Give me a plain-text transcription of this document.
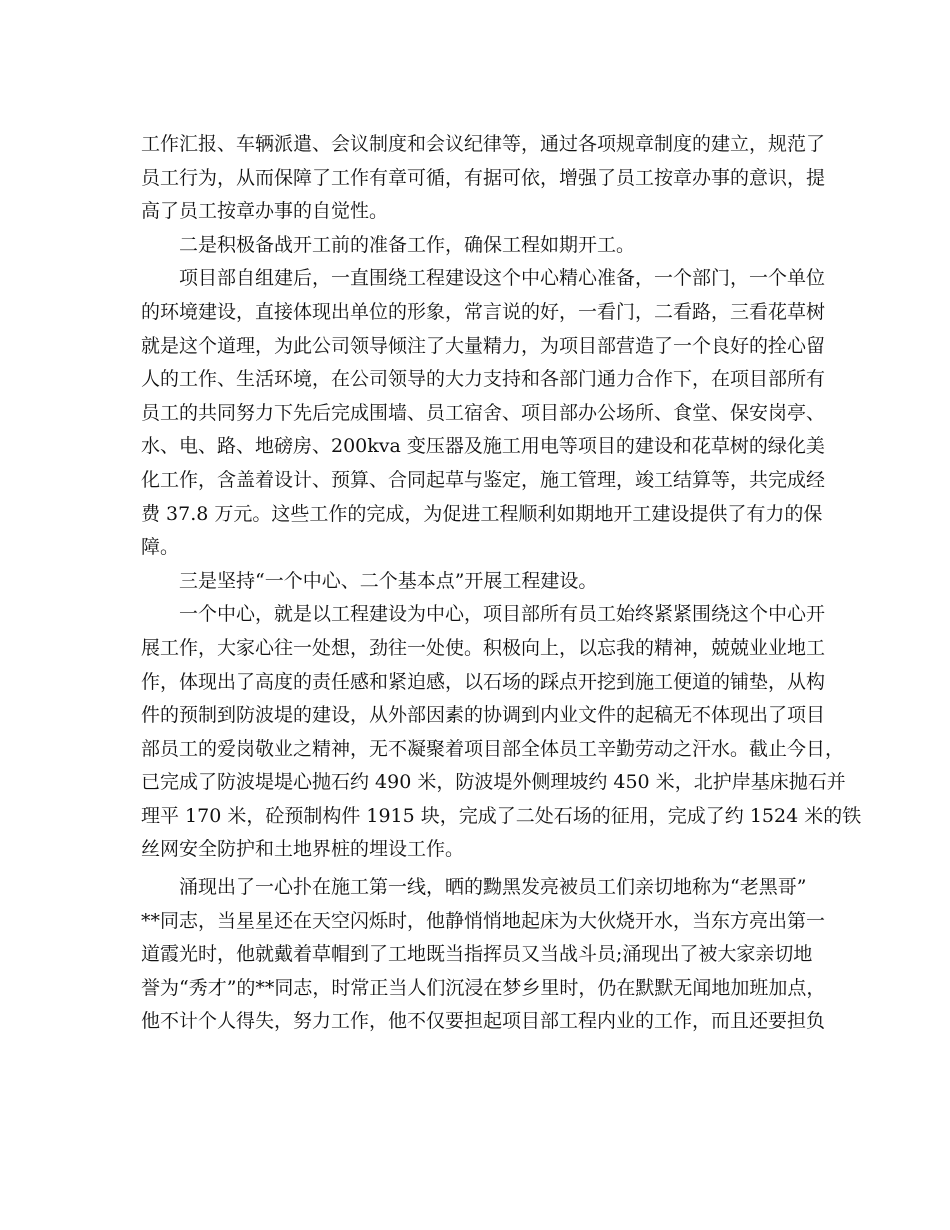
工作汇报、车辆派遣、会议制度和会议纪律等，通过各项规章制度的建立，规范了
员工行为，从而保障了工作有章可循，有据可依，增强了员工按章办事的意识，提
高了员工按章办事的自觉性。
二是积极备战开工前的准备工作，确保工程如期开工。
项目部自组建后，一直围绕工程建设这个中心精心准备，一个部门，一个单位
的环境建设，直接体现出单位的形象，常言说的好，一看门，二看路，三看花草树
就是这个道理，为此公司领导倾注了大量精力，为项目部营造了一个良好的拴心留
人的工作、生活环境，在公司领导的大力支持和各部门通力合作下，在项目部所有
员工的共同努力下先后完成围墙、员工宿舍、项目部办公场所、食堂、保安岗亭、
水、电、路、地磅房、200kva 变压器及施工用电等项目的建设和花草树的绿化美
化工作，含盖着设计、预算、合同起草与鉴定，施工管理，竣工结算等，共完成经
费 37.8 万元。这些工作的完成，为促进工程顺利如期地开工建设提供了有力的保
障。
三是坚持“一个中心、二个基本点”开展工程建设。
一个中心，就是以工程建设为中心，项目部所有员工始终紧紧围绕这个中心开
展工作，大家心往一处想，劲往一处使。积极向上，以忘我的精神，兢兢业业地工
作，体现出了高度的责任感和紧迫感，以石场的踩点开挖到施工便道的铺垫，从构
件的预制到防波堤的建设，从外部因素的协调到内业文件的起稿无不体现出了项目
部员工的爱岗敬业之精神，无不凝聚着项目部全体员工辛勤劳动之汗水。截止今日，
已完成了防波堤堤心抛石约 490 米，防波堤外侧理坡约 450 米，北护岸基床抛石并
理平 170 米，砼预制构件 1915 块，完成了二处石场的征用，完成了约 1524 米的铁
丝网安全防护和土地界桩的埋设工作。
涌现出了一心扑在施工第一线，晒的黝黑发亮被员工们亲切地称为“老黑哥”
**同志，当星星还在天空闪烁时，他静悄悄地起床为大伙烧开水，当东方亮出第一
道霞光时，他就戴着草帽到了工地既当指挥员又当战斗员;涌现出了被大家亲切地
誉为“秀才”的**同志，时常正当人们沉浸在梦乡里时，仍在默默无闻地加班加点，
他不计个人得失，努力工作，他不仅要担起项目部工程内业的工作，而且还要担负
